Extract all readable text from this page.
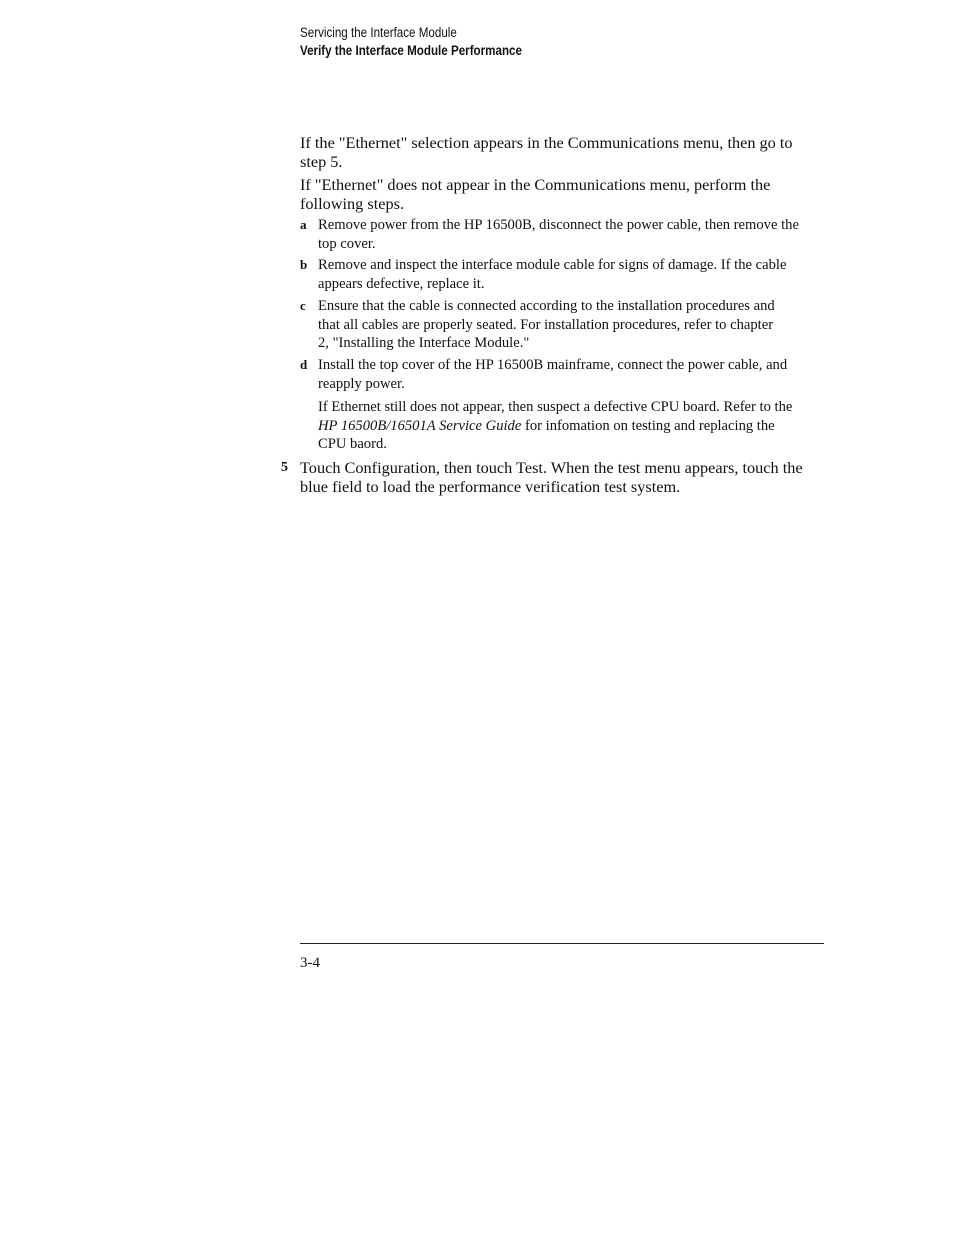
Servicing the Interface Module
Verify the Interface Module Performance

If the "Ethernet" selection appears in the Communications menu, then go to step 5.

If "Ethernet" does not appear in the Communications menu, perform the following steps.

a Remove power from the HP 16500B, disconnect the power cable, then remove the top cover.
b Remove and inspect the interface module cable for signs of damage. If the cable appears defective, replace it.
c Ensure that the cable is connected according to the installation procedures and that all cables are properly seated. For installation procedures, refer to chapter 2, "Installing the Interface Module."
d Install the top cover of the HP 16500B mainframe, connect the power cable, and reapply power.
If Ethernet still does not appear, then suspect a defective CPU board. Refer to the HP 16500B/16501A Service Guide for infomation on testing and replacing the CPU baord.
5 Touch Configuration, then touch Test. When the test menu appears, touch the blue field to load the performance verification test system.
3-4
